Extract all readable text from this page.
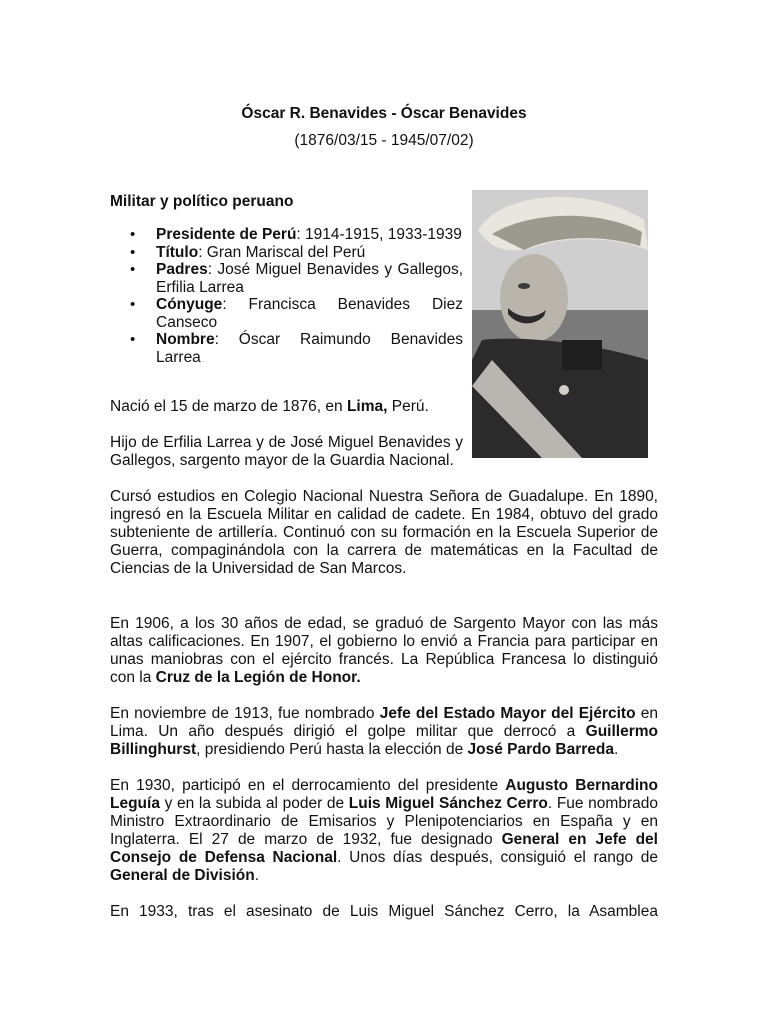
Óscar R. Benavides - Óscar Benavides
(1876/03/15 - 1945/07/02)
Militar y político peruano
• Presidente de Perú: 1914-1915, 1933-1939
• Título: Gran Mariscal del Perú
• Padres: José Miguel Benavides y Gallegos, Erfilia Larrea
• Cónyuge: Francisca Benavides Diez Canseco
• Nombre: Óscar Raimundo Benavides Larrea

Nació el 15 de marzo de 1876, en Lima, Perú.

Hijo de Erfilia Larrea y de José Miguel Benavides y Gallegos, sargento mayor de la Guardia Nacional.

Cursó estudios en Colegio Nacional Nuestra Señora de Guadalupe. En 1890, ingresó en la Escuela Militar en calidad de cadete. En 1984, obtuvo del grado subteniente de artillería. Continuó con su formación en la Escuela Superior de Guerra, compaginándola con la carrera de matemáticas en la Facultad de Ciencias de la Universidad de San Marcos.

En 1906, a los 30 años de edad, se graduó de Sargento Mayor con las más altas calificaciones. En 1907, el gobierno lo envió a Francia para participar en unas maniobras con el ejército francés. La República Francesa lo distinguió con la Cruz de la Legión de Honor.

En noviembre de 1913, fue nombrado Jefe del Estado Mayor del Ejército en Lima. Un año después dirigió el golpe militar que derrocó a Guillermo Billinghurst, presidiendo Perú hasta la elección de José Pardo Barreda.

En 1930, participó en el derrocamiento del presidente Augusto Bernardino Leguía y en la subida al poder de Luis Miguel Sánchez Cerro. Fue nombrado Ministro Extraordinario de Emisarios y Plenipotenciarios en España y en Inglaterra. El 27 de marzo de 1932, fue designado General en Jefe del Consejo de Defensa Nacional. Unos días después, consiguió el rango de General de División.

En 1933, tras el asesinato de Luis Miguel Sánchez Cerro, la Asamblea
